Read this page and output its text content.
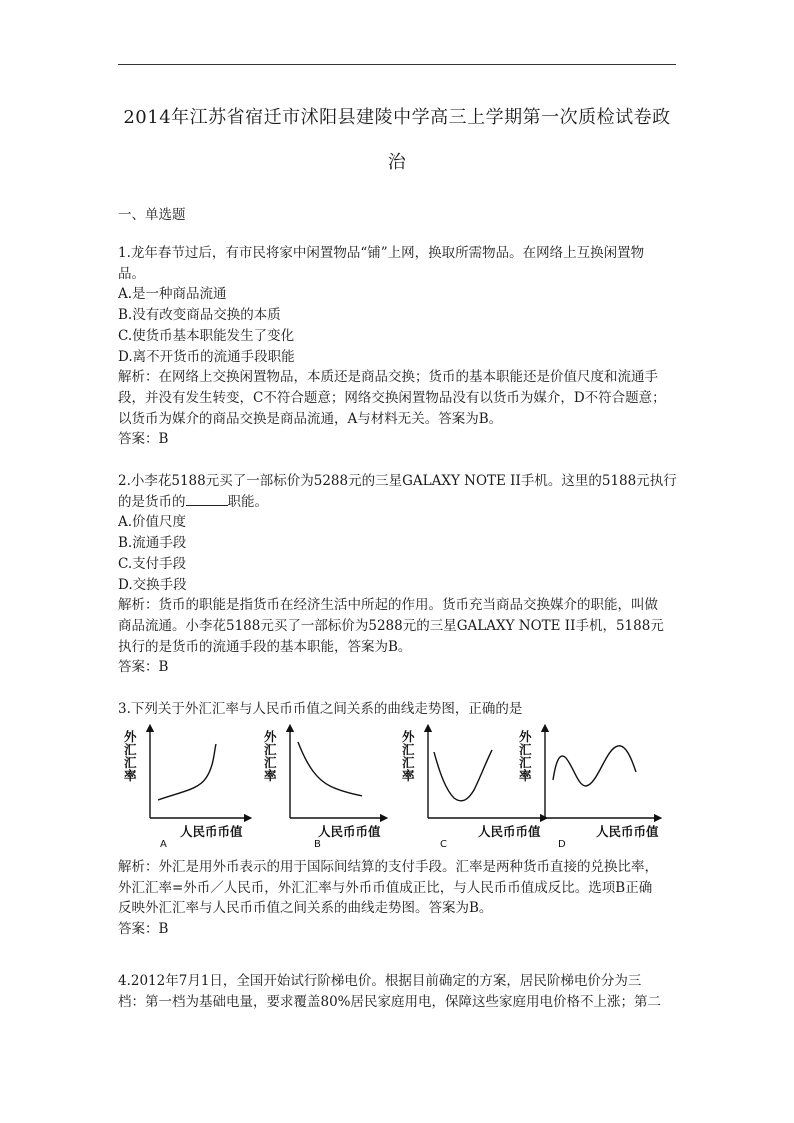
2014年江苏省宿迁市沭阳县建陵中学高三上学期第一次质检试卷政
治
一、单选题

1.龙年春节过后，有市民将家中闲置物品“铺”上网，换取所需物品。在网络上互换闲置物

品。

A.是一种商品流通

B.没有改变商品交换的本质

C.使货币基本职能发生了变化

D.离不开货币的流通手段职能

解析：在网络上交换闲置物品，本质还是商品交换；货币的基本职能还是价值尺度和流通手

段，并没有发生转变，C不符合题意；网络交换闲置物品没有以货币为媒介，D不符合题意；

以货币为媒介的商品交换是商品流通，A与材料无关。答案为B。

答案：B

2.小李花5188元买了一部标价为5288元的三星GALAXY NOTE II手机。这里的5188元执行

的是货币的	职能。

A.价值尺度

B.流通手段

C.支付手段

D.交换手段

解析：货币的职能是指货币在经济生活中所起的作用。货币充当商品交换媒介的职能，叫做

商品流通。小李花5188元买了一部标价为5288元的三星GALAXY NOTE II手机，5188元

执行的是货币的流通手段的基本职能，答案为B。

答案：B

3.下列关于外汇汇率与人民币币值之间关系的曲线走势图，正确的是

外
汇
汇
率
人民币币值
A
外
汇
汇
率
人民币币值
B
外
汇
汇
率
人民币币值
C
外
汇
汇
率
人民币币值
D

解析：外汇是用外币表示的用于国际间结算的支付手段。汇率是两种货币直接的兑换比率，

外汇汇率=外币／人民币，外汇汇率与外币币值成正比，与人民币币值成反比。选项B正确

反映外汇汇率与人民币币值之间关系的曲线走势图。答案为B。

答案：B

4.2012年7月1日，全国开始试行阶梯电价。根据目前确定的方案，居民阶梯电价分为三

档：第一档为基础电量，要求覆盖80%居民家庭用电，保障这些家庭用电价格不上涨；第二
